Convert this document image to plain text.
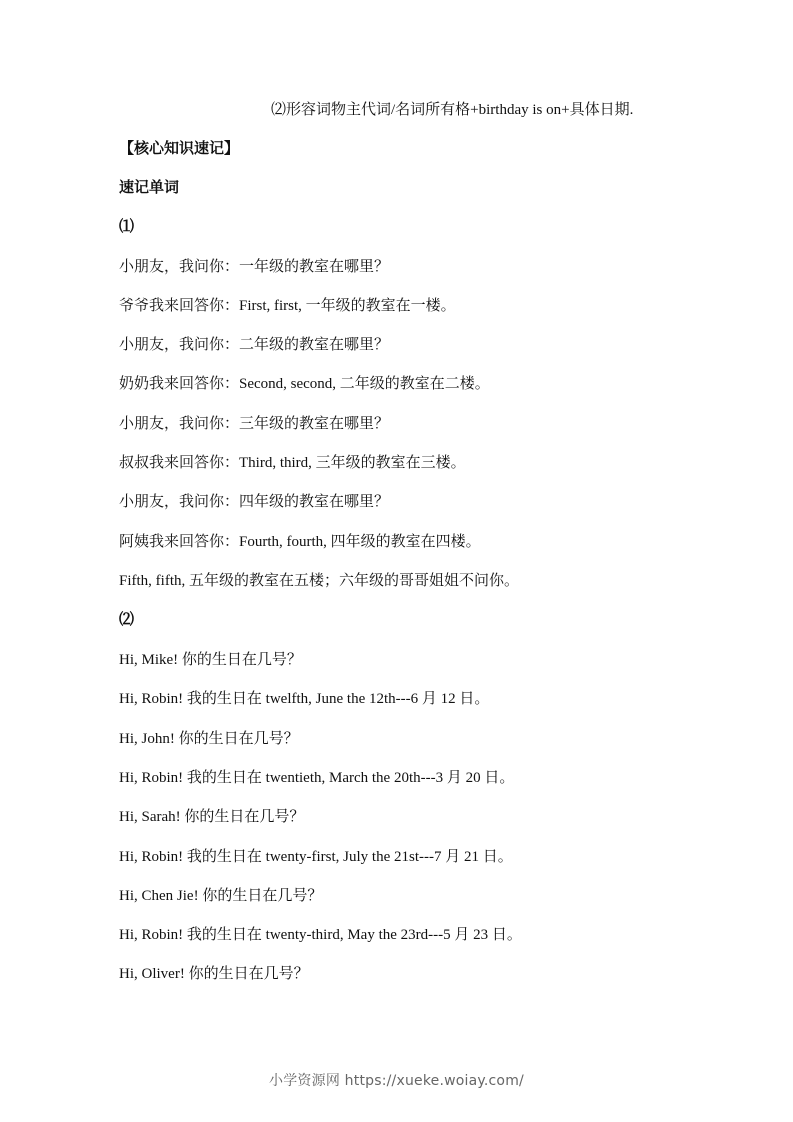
⑵形容词物主代词/名词所有格+birthday is on+具体日期.
【核心知识速记】
速记单词
⑴
小朋友，我问你：一年级的教室在哪里？
爷爷我来回答你：First, first, 一年级的教室在一楼。
小朋友，我问你：二年级的教室在哪里？
奶奶我来回答你：Second, second, 二年级的教室在二楼。
小朋友，我问你：三年级的教室在哪里？
叔叔我来回答你：Third, third, 三年级的教室在三楼。
小朋友，我问你：四年级的教室在哪里？
阿姨我来回答你：Fourth, fourth, 四年级的教室在四楼。
Fifth, fifth, 五年级的教室在五楼；六年级的哥哥姐姐不问你。
⑵
Hi, Mike! 你的生日在几号？
Hi, Robin! 我的生日在 twelfth, June the 12th---6 月 12 日。
Hi, John! 你的生日在几号？
Hi, Robin! 我的生日在 twentieth, March the 20th---3 月 20 日。
Hi, Sarah! 你的生日在几号？
Hi, Robin! 我的生日在 twenty-first, July the 21st---7 月 21 日。
Hi, Chen Jie! 你的生日在几号？
Hi, Robin! 我的生日在 twenty-third, May the 23rd---5 月 23 日。
Hi, Oliver! 你的生日在几号？
小学资源网 https://xueke.woiay.com/
